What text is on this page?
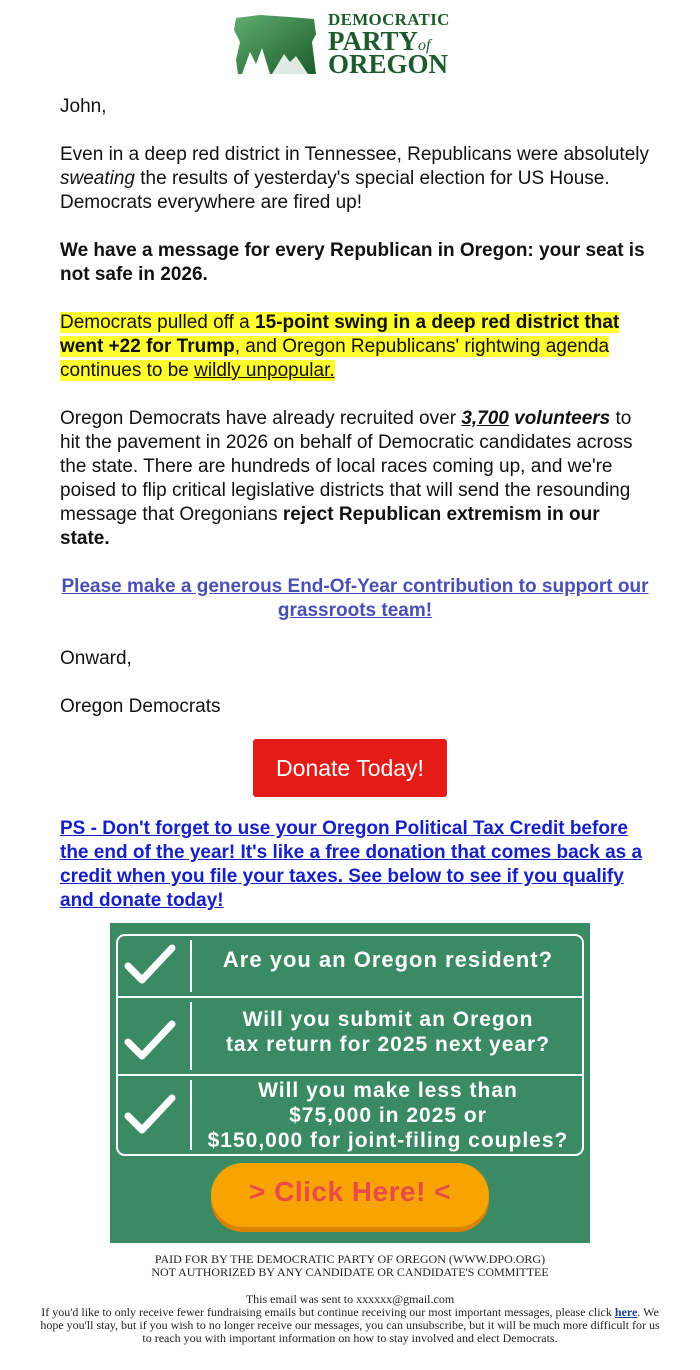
DEMOCRATIC
PARTYof
OREGON

John,

Even in a deep red district in Tennessee, Republicans were absolutely sweating the results of yesterday's special election for US House. Democrats everywhere are fired up!

We have a message for every Republican in Oregon: your seat is not safe in 2026.

Democrats pulled off a 15-point swing in a deep red district that went +22 for Trump, and Oregon Republicans' rightwing agenda continues to be wildly unpopular.

Oregon Democrats have already recruited over 3,700 volunteers to hit the pavement in 2026 on behalf of Democratic candidates across the state. There are hundreds of local races coming up, and we're poised to flip critical legislative districts that will send the resounding message that Oregonians reject Republican extremism in our state.

Please make a generous End-Of-Year contribution to support our grassroots team!

Onward,

Oregon Democrats

Donate Today!

PS - Don't forget to use your Oregon Political Tax Credit before the end of the year! It's like a free donation that comes back as a credit when you file your taxes. See below to see if you qualify and donate today!

Are you an Oregon resident?
Will you submit an Oregon
tax return for 2025 next year?
Will you make less than
$75,000 in 2025 or
$150,000 for joint-filing couples?
> Click Here! <
PAID FOR BY THE DEMOCRATIC PARTY OF OREGON (WWW.DPO.ORG)
NOT AUTHORIZED BY ANY CANDIDATE OR CANDIDATE'S COMMITTEE
This email was sent to xxxxxx@gmail.com
If you'd like to only receive fewer fundraising emails but continue receiving our most important messages, please click here. We hope you'll stay, but if you wish to no longer receive our messages, you can unsubscribe, but it will be much more difficult for us to reach you with important information on how to stay involved and elect Democrats.
